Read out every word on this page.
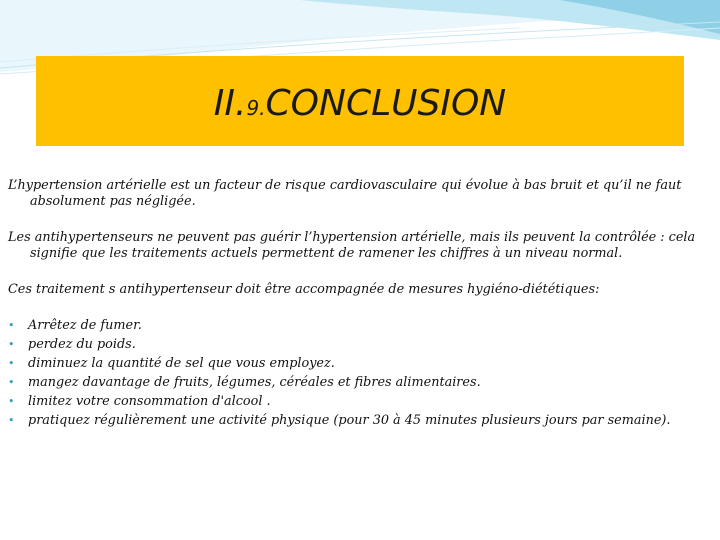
II.9.CONCLUSION

L’hypertension artérielle est un facteur de risque cardiovasculaire qui évolue à bas bruit et qu’il ne faut absolument pas négligée.

Les antihypertenseurs ne peuvent pas guérir l’hypertension artérielle, mais ils peuvent la contrôlée : cela signifie que les traitements actuels permettent de ramener les chiffres à un niveau normal.

Ces traitement s antihypertenseur doit être accompagnée de mesures hygiéno-diététiques:

• Arrêtez de fumer.
• perdez du poids.
• diminuez la quantité de sel que vous employez.
• mangez davantage de fruits, légumes, céréales et fibres alimentaires.
• limitez votre consommation d'alcool .
• pratiquez régulièrement une activité physique (pour 30 à 45 minutes plusieurs jours par semaine).
